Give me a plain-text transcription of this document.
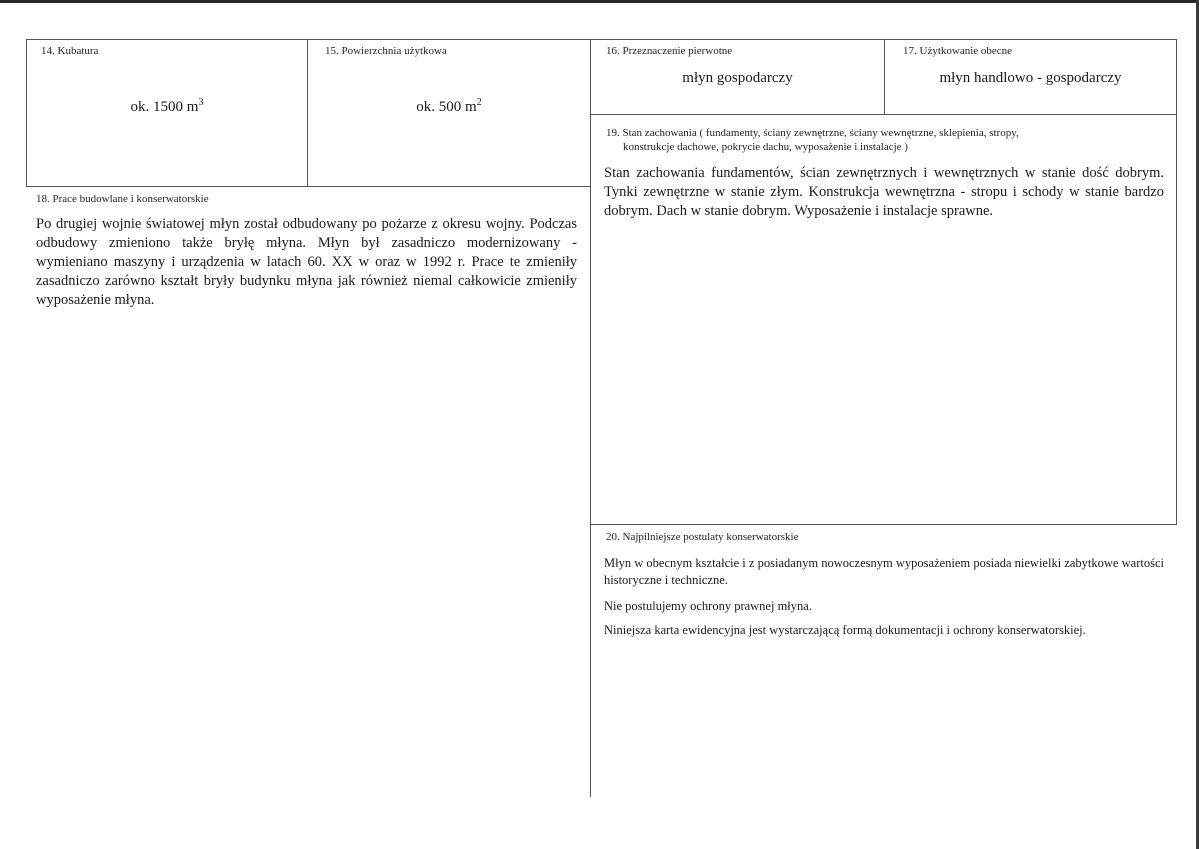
14. Kubatura
ok. 1500 $m^3$
15. Powierzchnia użytkowa
ok. 500 $m^2$
16. Przeznaczenie pierwotne
młyn gospodarczy
17. Użytkowanie obecne
młyn handlowo - gospodarczy
18. Prace budowlane i konserwatorskie

Po drugiej wojnie światowej młyn został odbudowany po pożarze z okresu wojny. Podczas odbudowy zmieniono także bryłę młyna. Młyn był zasadniczo modernizowany - wymieniano maszyny i urządzenia w latach 60. XX w oraz w 1992 r. Prace te zmieniły zasadniczo zarówno kształt bryły budynku młyna jak również niemal całkowicie zmieniły wyposażenie młyna.

19. Stan zachowania ( fundamenty, ściany zewnętrzne, ściany wewnętrzne, sklepienia, stropy,
konstrukcje dachowe, pokrycie dachu, wyposażenie i instalacje )

Stan zachowania fundamentów, ścian zewnętrznych i wewnętrznych w stanie dość dobrym. Tynki zewnętrzne w stanie złym. Konstrukcja wewnętrzna - stropu i schody w stanie bardzo dobrym. Dach w stanie dobrym. Wyposażenie i instalacje sprawne.

20. Najpilniejsze postulaty konserwatorskie

Młyn w obecnym kształcie i z posiadanym nowoczesnym wyposażeniem posiada niewielki zabytkowe wartości historyczne i techniczne.

Nie postulujemy ochrony prawnej młyna.

Niniejsza karta ewidencyjna jest wystarczającą formą dokumentacji i ochrony konserwatorskiej.
